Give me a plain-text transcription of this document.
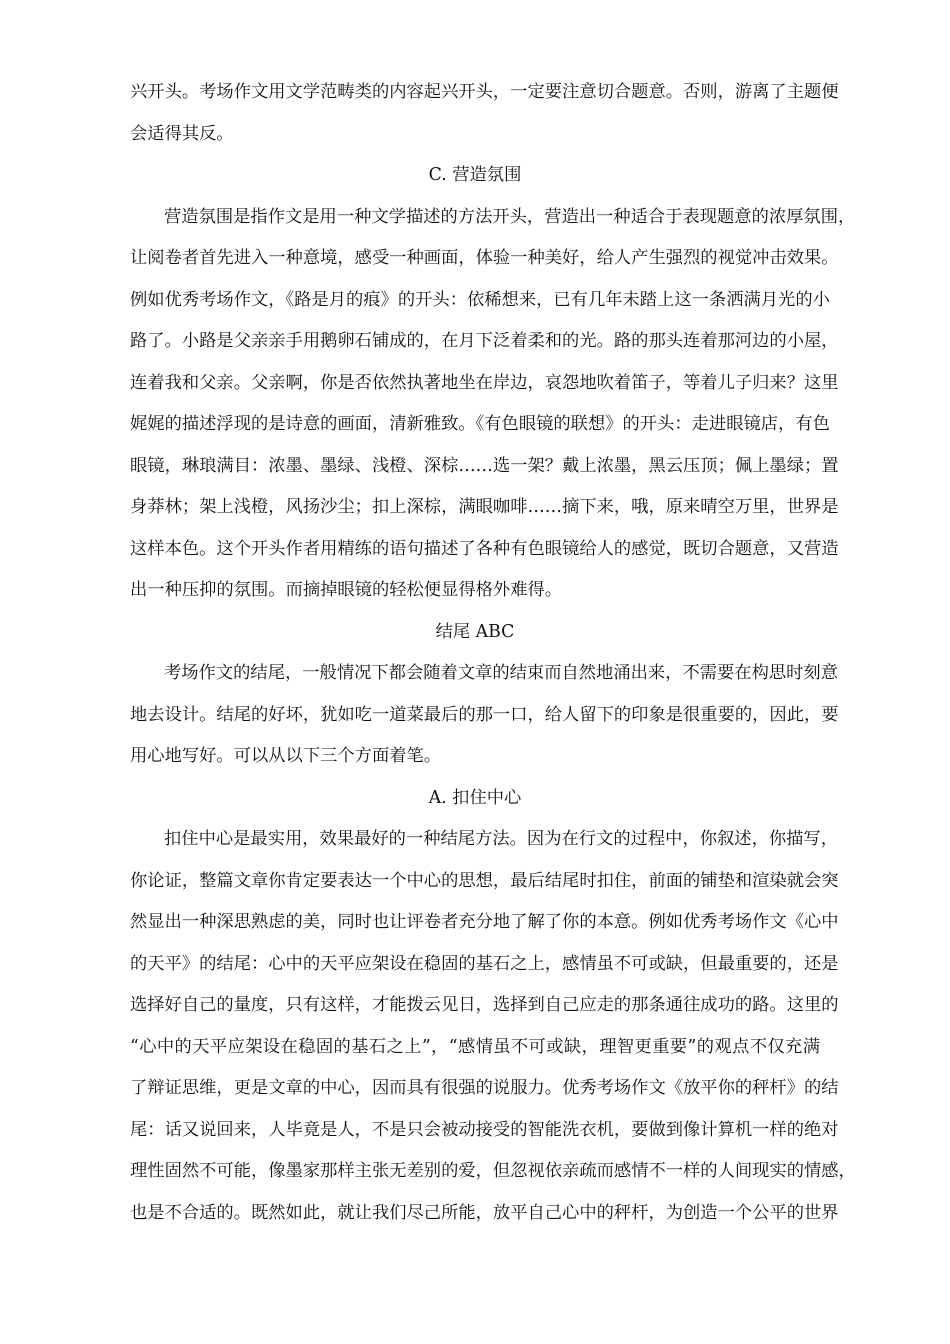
兴开头。考场作文用文学范畴类的内容起兴开头，一定要注意切合题意。否则，游离了主题便
会适得其反。
C. 营造氛围
营造氛围是指作文是用一种文学描述的方法开头，营造出一种适合于表现题意的浓厚氛围，
让阅卷者首先进入一种意境，感受一种画面，体验一种美好，给人产生强烈的视觉冲击效果。
例如优秀考场作文，《路是月的痕》的开头：依稀想来，已有几年未踏上这一条洒满月光的小
路了。小路是父亲亲手用鹅卵石铺成的，在月下泛着柔和的光。路的那头连着那河边的小屋，
连着我和父亲。父亲啊，你是否依然执著地坐在岸边，哀怨地吹着笛子，等着儿子归来？这里
娓娓的描述浮现的是诗意的画面，清新雅致。《有色眼镜的联想》的开头：走进眼镜店，有色
眼镜，琳琅满目：浓墨、墨绿、浅橙、深棕……选一架？戴上浓墨，黑云压顶；佩上墨绿；置
身莽林；架上浅橙，风扬沙尘；扣上深棕，满眼咖啡……摘下来，哦，原来晴空万里，世界是
这样本色。这个开头作者用精练的语句描述了各种有色眼镜给人的感觉，既切合题意，又营造
出一种压抑的氛围。而摘掉眼镜的轻松便显得格外难得。
结尾 ABC
考场作文的结尾，一般情况下都会随着文章的结束而自然地涌出来，不需要在构思时刻意
地去设计。结尾的好坏，犹如吃一道菜最后的那一口，给人留下的印象是很重要的，因此，要
用心地写好。可以从以下三个方面着笔。
A. 扣住中心
扣住中心是最实用，效果最好的一种结尾方法。因为在行文的过程中，你叙述，你描写，
你论证，整篇文章你肯定要表达一个中心的思想，最后结尾时扣住，前面的铺垫和渲染就会突
然显出一种深思熟虑的美，同时也让评卷者充分地了解了你的本意。例如优秀考场作文《心中
的天平》的结尾：心中的天平应架设在稳固的基石之上，感情虽不可或缺，但最重要的，还是
选择好自己的量度，只有这样，才能拨云见日，选择到自己应走的那条通往成功的路。这里的
“心中的天平应架设在稳固的基石之上”，“感情虽不可或缺，理智更重要”的观点不仅充满
了辩证思维，更是文章的中心，因而具有很强的说服力。优秀考场作文《放平你的秤杆》的结
尾：话又说回来，人毕竟是人，不是只会被动接受的智能洗衣机，要做到像计算机一样的绝对
理性固然不可能，像墨家那样主张无差别的爱，但忽视依亲疏而感情不一样的人间现实的情感，
也是不合适的。既然如此，就让我们尽己所能，放平自己心中的秤杆，为创造一个公平的世界
